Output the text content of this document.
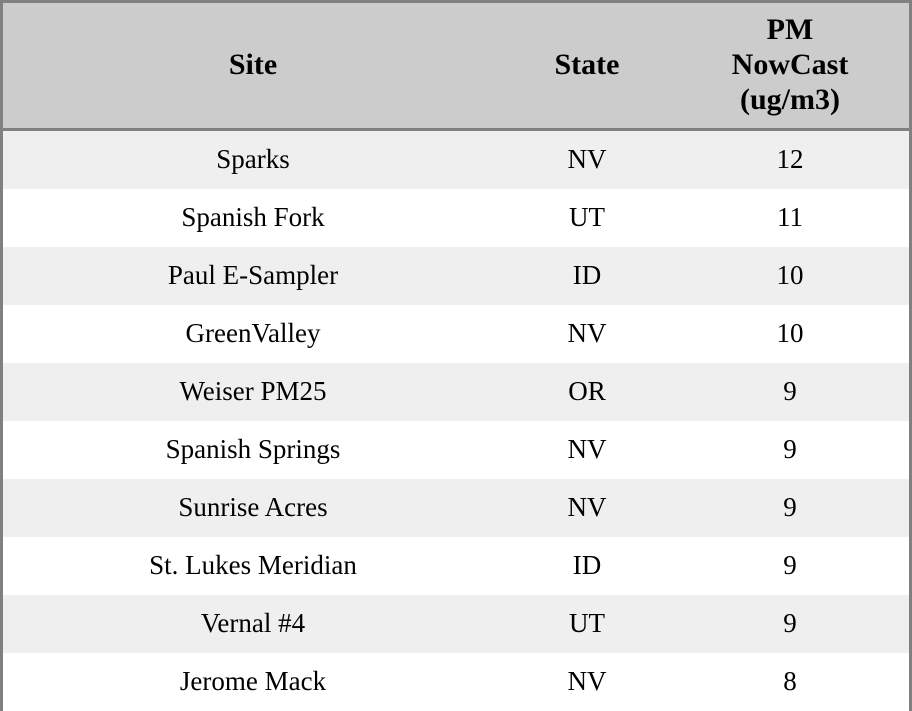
Site	State	PM
NowCast
(ug/m3)

Sparks	NV	12
Spanish Fork	UT	11
Paul E-Sampler	ID	10
GreenValley	NV	10
Weiser PM25	OR	9
Spanish Springs	NV	9
Sunrise Acres	NV	9
St. Lukes Meridian	ID	9
Vernal #4	UT	9
Jerome Mack	NV	8
